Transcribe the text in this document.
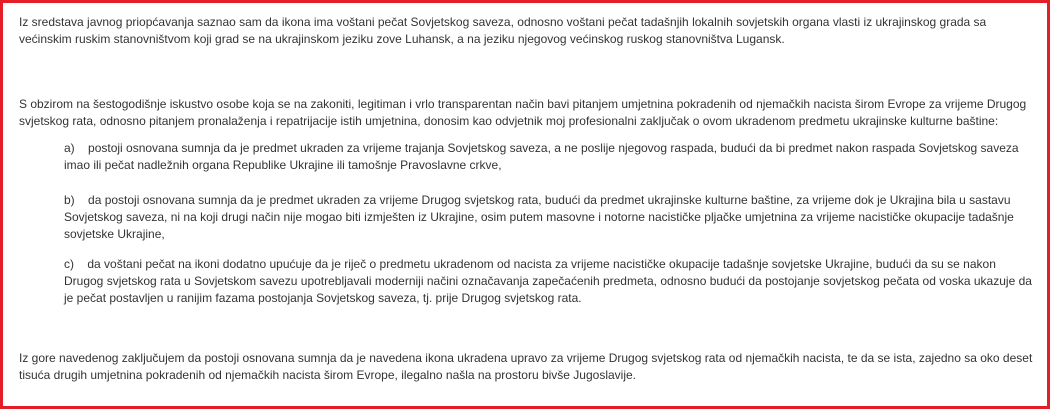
Iz sredstava javnog priopćavanja saznao sam da ikona ima voštani pečat Sovjetskog saveza, odnosno voštani pečat tadašnjih lokalnih sovjetskih organa vlasti iz ukrajinskog grada sa većinskim ruskim stanovništvom koji grad se na ukrajinskom jeziku zove Luhansk, a na jeziku njegovog većinskog ruskog stanovništva Lugansk.

S obzirom na šestogodišnje iskustvo osobe koja se na zakoniti, legitiman i vrlo transparentan način bavi pitanjem umjetnina pokradenih od njemačkih nacista širom Evrope za vrijeme Drugog svjetskog rata, odnosno pitanjem pronalaženja i repatrijacije istih umjetnina, donosim kao odvjetnik moj profesionalni zaključak o ovom ukradenom predmetu ukrajinske kulturne baštine:

a) postoji osnovana sumnja da je predmet ukraden za vrijeme trajanja Sovjetskog saveza, a ne poslije njegovog raspada, budući da bi predmet nakon raspada Sovjetskog saveza imao ili pečat nadležnih organa Republike Ukrajine ili tamošnje Pravoslavne crkve,

b) da postoji osnovana sumnja da je predmet ukraden za vrijeme Drugog svjetskog rata, budući da predmet ukrajinske kulturne baštine, za vrijeme dok je Ukrajina bila u sastavu Sovjetskog saveza, ni na koji drugi način nije mogao biti izmješten iz Ukrajine, osim putem masovne i notorne nacističke pljačke umjetnina za vrijeme nacističke okupacije tadašnje sovjetske Ukrajine,

c) da voštani pečat na ikoni dodatno upućuje da je riječ o predmetu ukradenom od nacista za vrijeme nacističke okupacije tadašnje sovjetske Ukrajine, budući da su se nakon Drugog svjetskog rata u Sovjetskom savezu upotrebljavali moderniji načini označavanja zapečaćenih predmeta, odnosno budući da postojanje sovjetskog pečata od voska ukazuje da je pečat postavljen u ranijim fazama postojanja Sovjetskog saveza, tj. prije Drugog svjetskog rata.

Iz gore navedenog zaključujem da postoji osnovana sumnja da je navedena ikona ukradena upravo za vrijeme Drugog svjetskog rata od njemačkih nacista, te da se ista, zajedno sa oko deset tisuća drugih umjetnina pokradenih od njemačkih nacista širom Evrope, ilegalno našla na prostoru bivše Jugoslavije.
